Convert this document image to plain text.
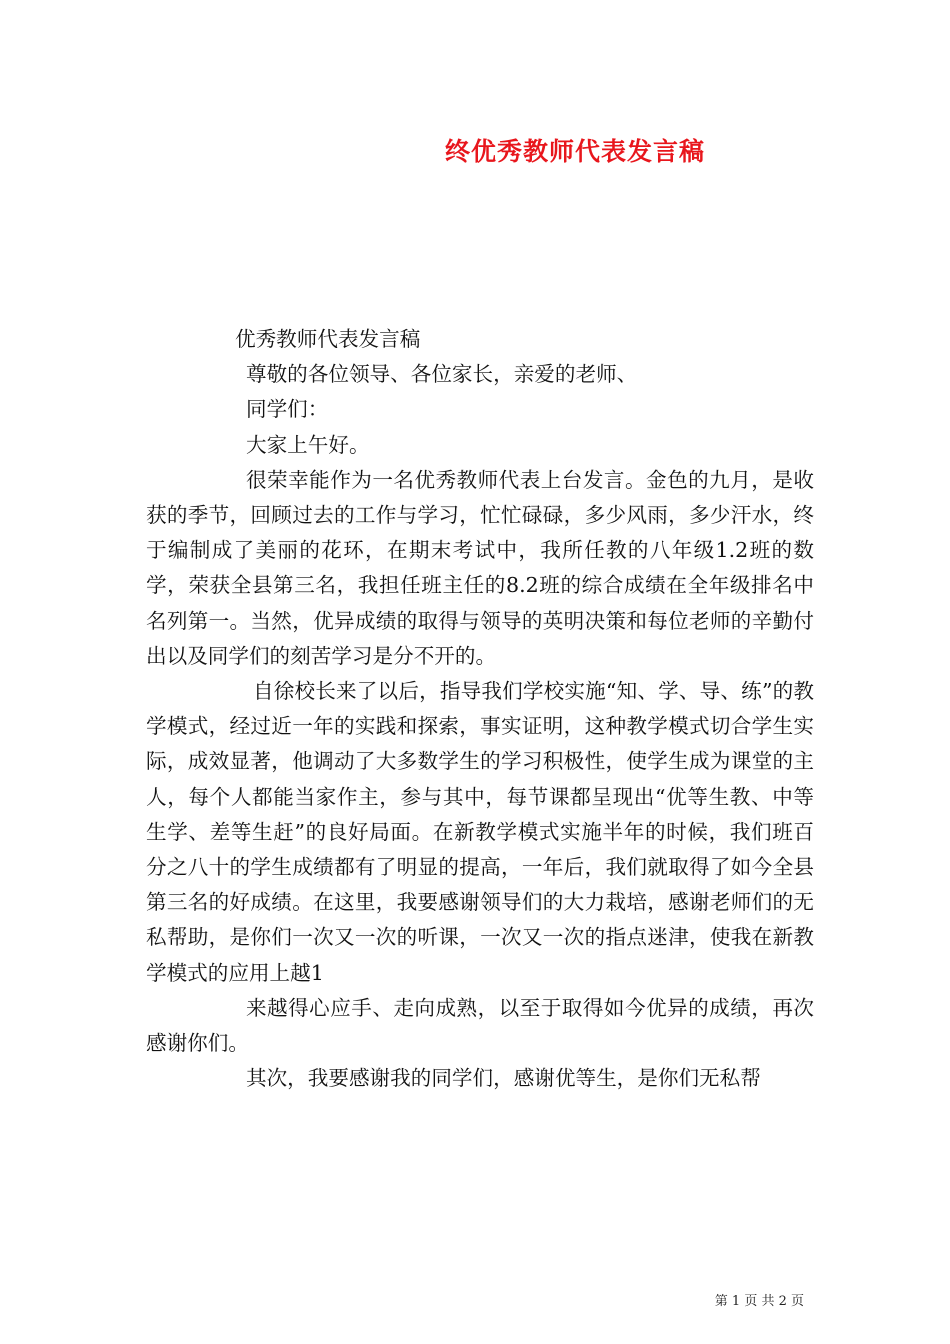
终优秀教师代表发言稿

优秀教师代表发言稿

尊敬的各位领导、各位家长，亲爱的老师、

同学们：

大家上午好。

很荣幸能作为一名优秀教师代表上台发言。金色的九月，是收获的季节，回顾过去的工作与学习，忙忙碌碌，多少风雨，多少汗水，终于编制成了美丽的花环，在期末考试中，我所任教的八年级1.2班的数学，荣获全县第三名，我担任班主任的8.2班的综合成绩在全年级排名中名列第一。当然，优异成绩的取得与领导的英明决策和每位老师的辛勤付出以及同学们的刻苦学习是分不开的。

自徐校长来了以后，指导我们学校实施“知、学、导、练”的教学模式，经过近一年的实践和探索，事实证明，这种教学模式切合学生实际，成效显著，他调动了大多数学生的学习积极性，使学生成为课堂的主人，每个人都能当家作主，参与其中，每节课都呈现出“优等生教、中等生学、差等生赶”的良好局面。在新教学模式实施半年的时候，我们班百分之八十的学生成绩都有了明显的提高，一年后，我们就取得了如今全县第三名的好成绩。在这里，我要感谢领导们的大力栽培，感谢老师们的无私帮助，是你们一次又一次的听课，一次又一次的指点迷津，使我在新教学模式的应用上越1

来越得心应手、走向成熟，以至于取得如今优异的成绩，再次感谢你们。

其次，我要感谢我的同学们，感谢优等生，是你们无私帮

第 1 页 共 2 页
